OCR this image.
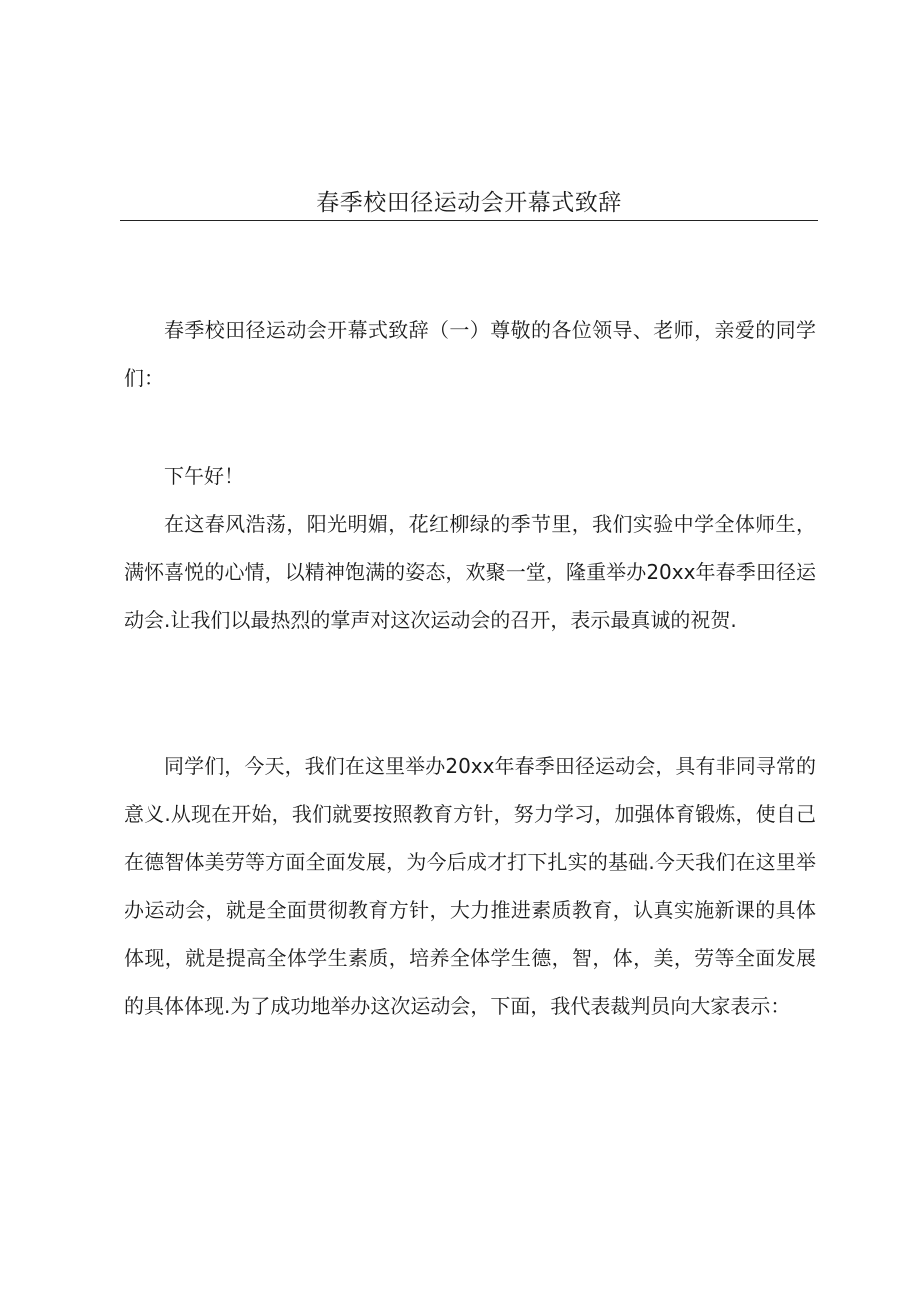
春季校田径运动会开幕式致辞

春季校田径运动会开幕式致辞（一）尊敬的各位领导、老师，亲爱的同学们：

下午好！

在这春风浩荡，阳光明媚，花红柳绿的季节里，我们实验中学全体师生，满怀喜悦的心情，以精神饱满的姿态，欢聚一堂，隆重举办20xx年春季田径运动会.让我们以最热烈的掌声对这次运动会的召开，表示最真诚的祝贺.

同学们，今天，我们在这里举办20xx年春季田径运动会，具有非同寻常的意义.从现在开始，我们就要按照教育方针，努力学习，加强体育锻炼，使自己在德智体美劳等方面全面发展，为今后成才打下扎实的基础.今天我们在这里举办运动会，就是全面贯彻教育方针，大力推进素质教育，认真实施新课的具体体现，就是提高全体学生素质，培养全体学生德，智，体，美，劳等全面发展的具体体现.为了成功地举办这次运动会，下面，我代表裁判员向大家表示：
